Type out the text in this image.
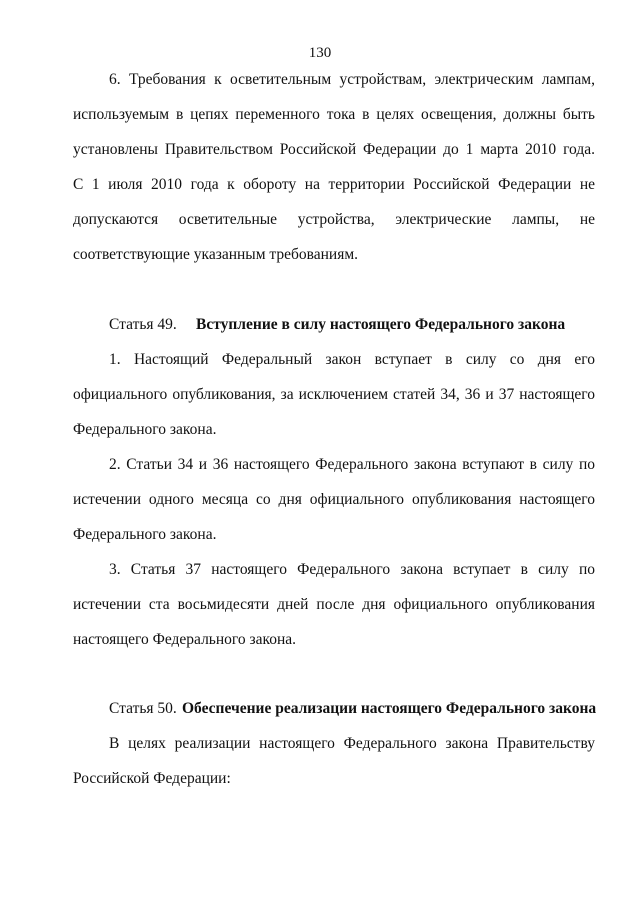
130
6. Требования к осветительным устройствам, электрическим лампам,
используемым в цепях переменного тока в целях освещения, должны быть
установлены Правительством Российской Федерации до 1 марта 2010 года.
С 1 июля 2010 года к обороту на территории Российской Федерации не
допускаются осветительные устройства, электрические лампы, не
соответствующие указанным требованиям.
Статья 49. Вступление в силу настоящего Федерального закона
1. Настоящий Федеральный закон вступает в силу со дня его
официального опубликования, за исключением статей 34, 36 и 37 настоящего
Федерального закона.
2. Статьи 34 и 36 настоящего Федерального закона вступают в силу по
истечении одного месяца со дня официального опубликования настоящего
Федерального закона.
3. Статья 37 настоящего Федерального закона вступает в силу по
истечении ста восьмидесяти дней после дня официального опубликования
настоящего Федерального закона.
Статья 50. Обеспечение реализации настоящего Федерального закона
В целях реализации настоящего Федерального закона Правительству
Российской Федерации:
